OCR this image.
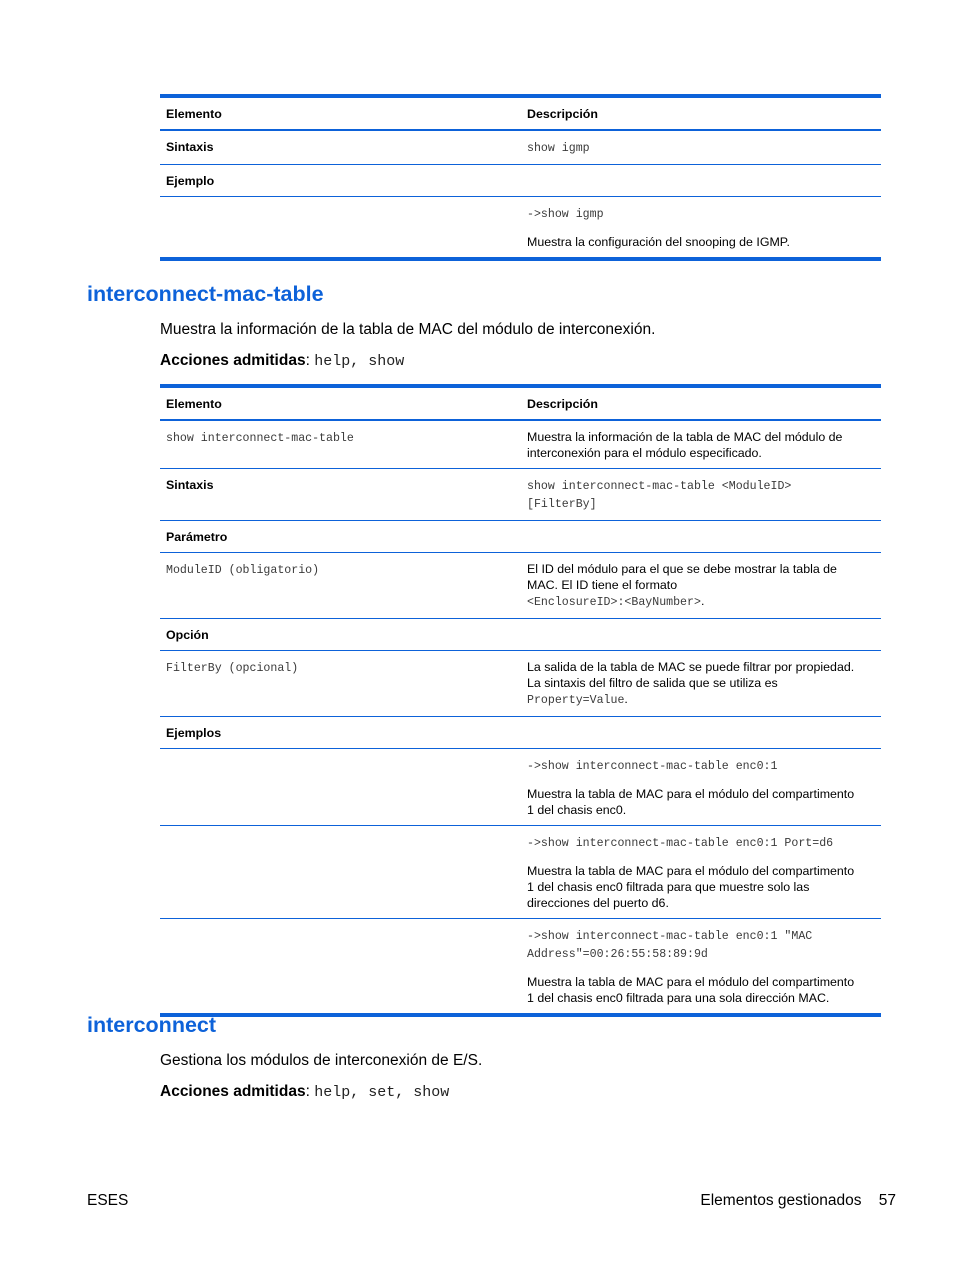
Elemento	Descripción
Sintaxis	show igmp
Ejemplo

->show igmp

Muestra la configuración del snooping de IGMP.

interconnect-mac-table

Muestra la información de la tabla de MAC del módulo de interconexión.

Acciones admitidas: help, show

Elemento	Descripción
show interconnect-mac-table	Muestra la información de la tabla de MAC del módulo de interconexión para el módulo especificado.
Sintaxis	show interconnect-mac-table <ModuleID>
[FilterBy]
Parámetro
ModuleID (obligatorio)	El ID del módulo para el que se debe mostrar la tabla de
MAC. El ID tiene el formato
<EnclosureID>:<BayNumber>.
Opción
FilterBy (opcional)	La salida de la tabla de MAC se puede filtrar por propiedad.
La sintaxis del filtro de salida que se utiliza es
Property=Value.
Ejemplos

->show interconnect-mac-table enc0:1

Muestra la tabla de MAC para el módulo del compartimento
1 del chasis enc0.

->show interconnect-mac-table enc0:1 Port=d6

Muestra la tabla de MAC para el módulo del compartimento
1 del chasis enc0 filtrada para que muestre solo las
direcciones del puerto d6.

->show interconnect-mac-table enc0:1 "MAC
Address"=00:26:55:58:89:9d

Muestra la tabla de MAC para el módulo del compartimento
1 del chasis enc0 filtrada para una sola dirección MAC.

interconnect

Gestiona los módulos de interconexión de E/S.

Acciones admitidas: help, set, show

ESES	Elementos gestionados 57
